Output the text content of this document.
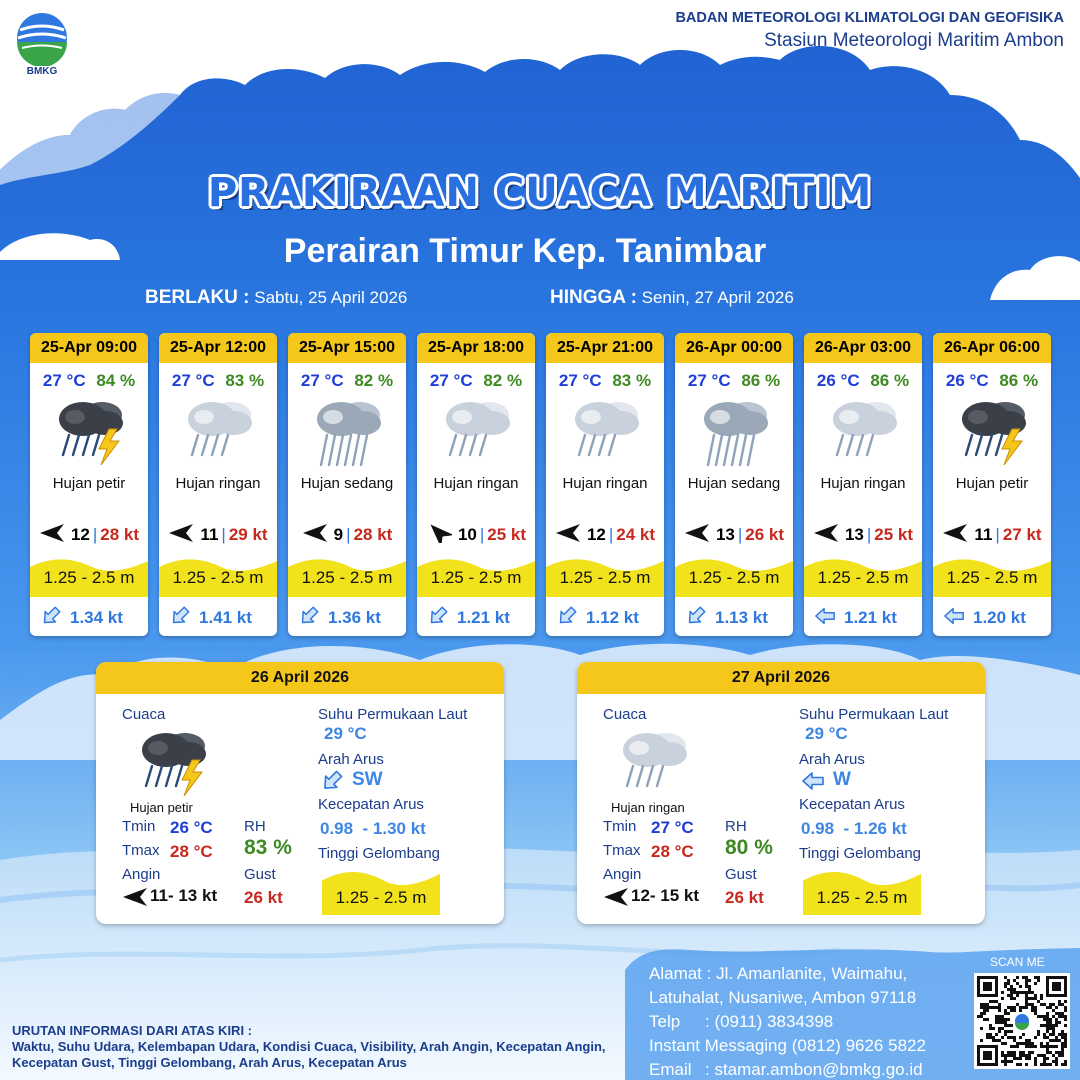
BMKG
BADAN METEOROLOGI KLIMATOLOGI DAN GEOFISIKA
Stasiun Meteorologi Maritim Ambon
PRAKIRAAN CUACA MARITIM
Perairan Timur Kep. Tanimbar
BERLAKU : Sabtu, 25 April 2026	HINGGA : Senin, 27 April 2026
25-Apr 09:00
27 °C 84 %
Hujan petir
12 | 28 kt
1.25 - 2.5 m
1.34 kt
25-Apr 12:00
27 °C 83 %
Hujan ringan
11 | 29 kt
1.25 - 2.5 m
1.41 kt
25-Apr 15:00
27 °C 82 %
Hujan sedang
9 | 28 kt
1.25 - 2.5 m
1.36 kt
25-Apr 18:00
27 °C 82 %
Hujan ringan
10 | 25 kt
1.25 - 2.5 m
1.21 kt
25-Apr 21:00
27 °C 83 %
Hujan ringan
12 | 24 kt
1.25 - 2.5 m
1.12 kt
26-Apr 00:00
27 °C 86 %
Hujan sedang
13 | 26 kt
1.25 - 2.5 m
1.13 kt
26-Apr 03:00
26 °C 86 %
Hujan ringan
13 | 25 kt
1.25 - 2.5 m
1.21 kt
26-Apr 06:00
26 °C 86 %
Hujan petir
11 | 27 kt
1.25 - 2.5 m
1.20 kt
26 April 2026
Cuaca
Hujan petir
Tmin 26 °C
Tmax 28 °C
Angin
11- 13 kt
RH
83 %
Gust
26 kt
Suhu Permukaan Laut
29 °C
Arah Arus
SW
Kecepatan Arus
0.98  - 1.30 kt
Tinggi Gelombang
1.25 - 2.5 m
27 April 2026
Cuaca
Hujan ringan
Tmin 27 °C
Tmax 28 °C
Angin
12- 15 kt
RH
80 %
Gust
26 kt
Suhu Permukaan Laut
29 °C
Arah Arus
W
Kecepatan Arus
0.98  - 1.26 kt
Tinggi Gelombang
1.25 - 2.5 m
URUTAN INFORMASI DARI ATAS KIRI :
Waktu, Suhu Udara, Kelembapan Udara, Kondisi Cuaca, Visibility, Arah Angin, Kecepatan Angin, Kecepatan Gust, Tinggi Gelombang, Arah Arus, Kecepatan Arus
Alamat : Jl. Amanlanite, Waimahu,
Latuhalat, Nusaniwe, Ambon 97118
Telp : (0911) 3834398
Instant Messaging (0812) 9626 5822
Email : stamar.ambon@bmkg.go.id
SCAN ME
